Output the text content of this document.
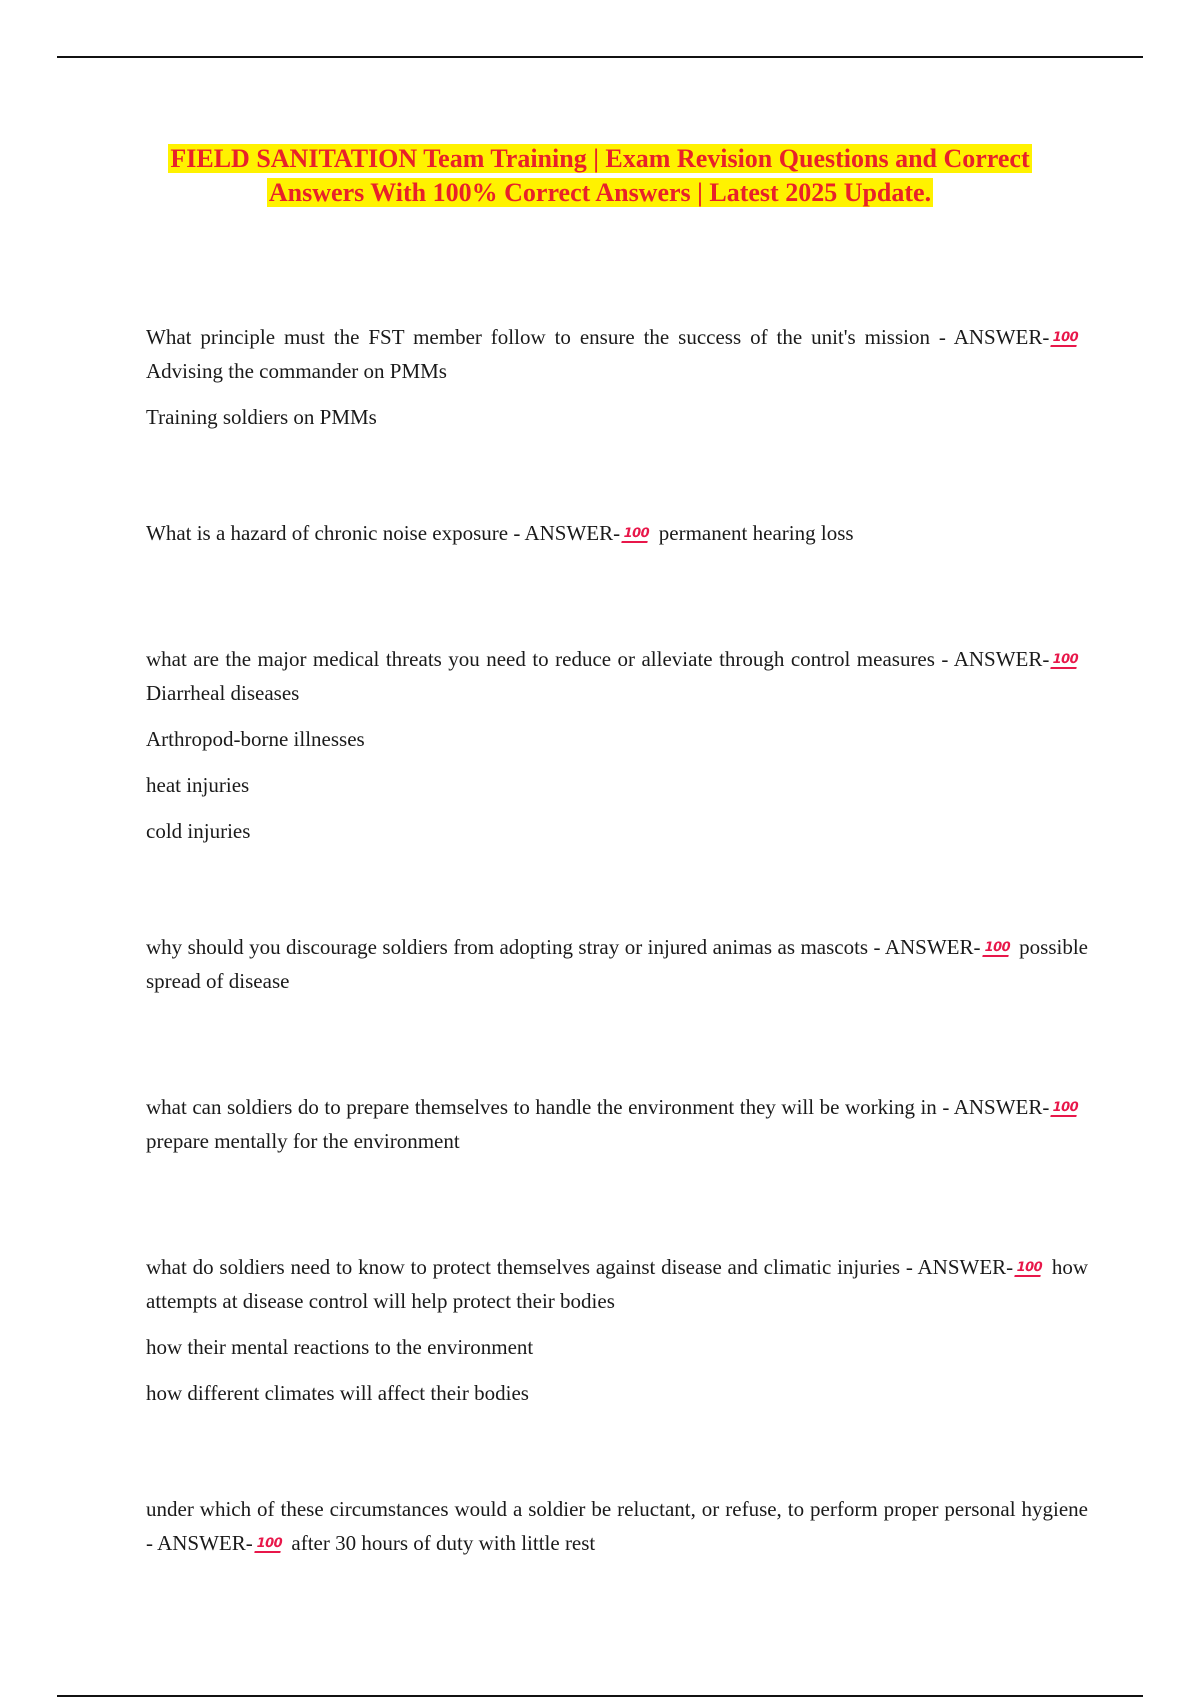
FIELD SANITATION Team Training | Exam Revision Questions and Correct
Answers With 100% Correct Answers | Latest 2025 Update.

What principle must the FST member follow to ensure the success of the unit's mission - ANSWER- 100Advising the commander on PMMs

Training soldiers on PMMs

What is a hazard of chronic noise exposure - ANSWER- 100 permanent hearing loss

what are the major medical threats you need to reduce or alleviate through control measures - ANSWER- 100Diarrheal diseases

Arthropod-borne illnesses

heat injuries

cold injuries

why should you discourage soldiers from adopting stray or injured animas as mascots - ANSWER- 100 possible spread of disease

what can soldiers do to prepare themselves to handle the environment they will be working in - ANSWER- 100prepare mentally for the environment

what do soldiers need to know to protect themselves against disease and climatic injuries - ANSWER- 100 how attempts at disease control will help protect their bodies

how their mental reactions to the environment

how different climates will affect their bodies

under which of these circumstances would a soldier be reluctant, or refuse, to perform proper personal hygiene - ANSWER- 100 after 30 hours of duty with little rest
